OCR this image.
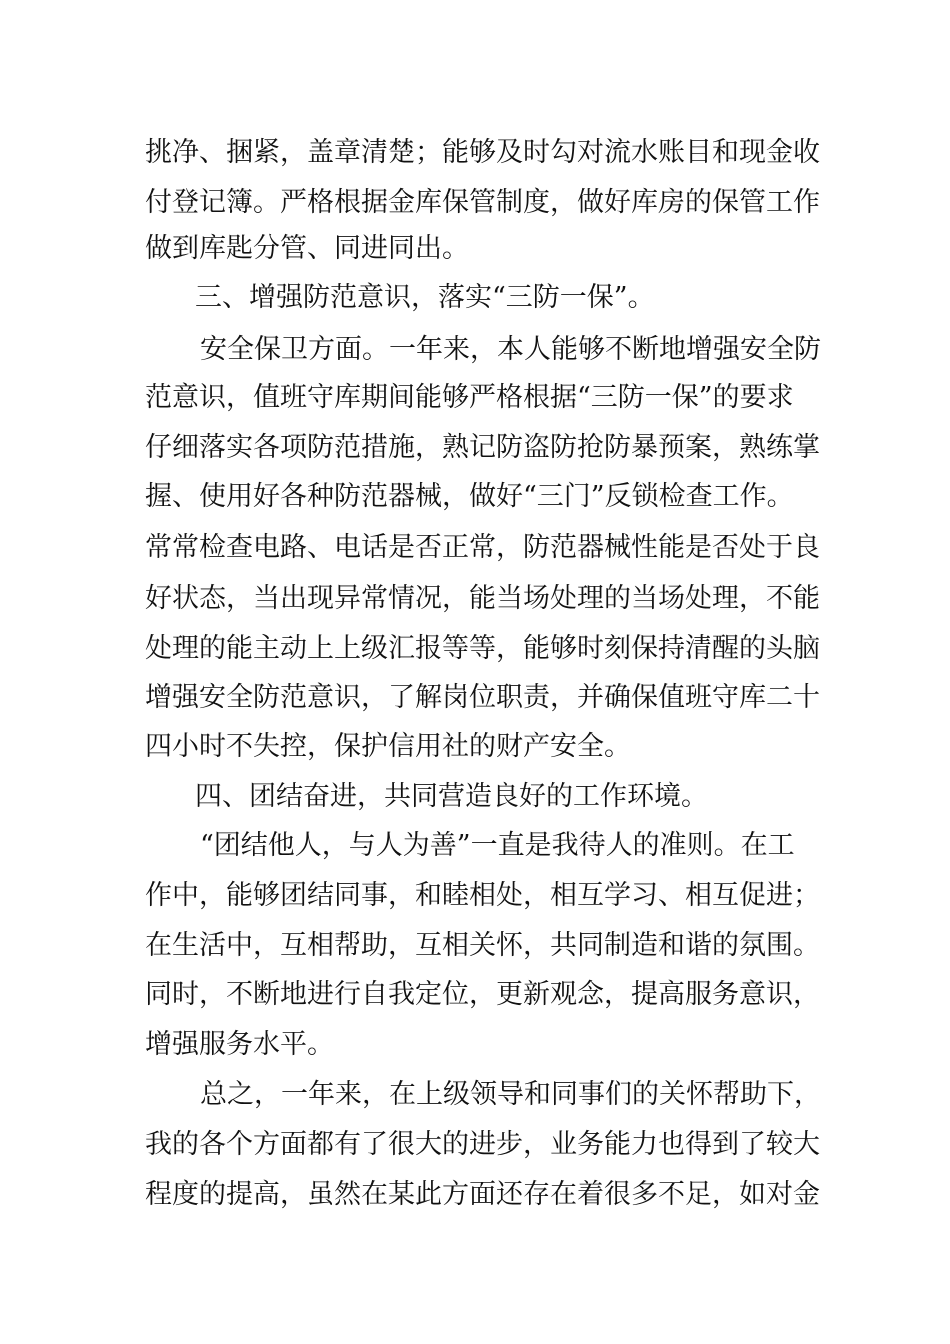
挑净、捆紧，盖章清楚；能够及时勾对流水账目和现金收
付登记簿。严格根据金库保管制度，做好库房的保管工作
做到库匙分管、同进同出。
三、增强防范意识，落实“三防一保”。
安全保卫方面。一年来，本人能够不断地增强安全防
范意识，值班守库期间能够严格根据“三防一保”的要求
仔细落实各项防范措施，熟记防盗防抢防暴预案，熟练掌
握、使用好各种防范器械，做好“三门”反锁检查工作。
常常检查电路、电话是否正常，防范器械性能是否处于良
好状态，当出现异常情况，能当场处理的当场处理，不能
处理的能主动上上级汇报等等，能够时刻保持清醒的头脑
增强安全防范意识，了解岗位职责，并确保值班守库二十
四小时不失控，保护信用社的财产安全。
四、团结奋进，共同营造良好的工作环境。
“团结他人，与人为善”一直是我待人的准则。在工
作中，能够团结同事，和睦相处，相互学习、相互促进；
在生活中，互相帮助，互相关怀，共同制造和谐的氛围。
同时，不断地进行自我定位，更新观念，提高服务意识，
增强服务水平。
总之，一年来，在上级领导和同事们的关怀帮助下，
我的各个方面都有了很大的进步，业务能力也得到了较大
程度的提高，虽然在某此方面还存在着很多不足，如对金
